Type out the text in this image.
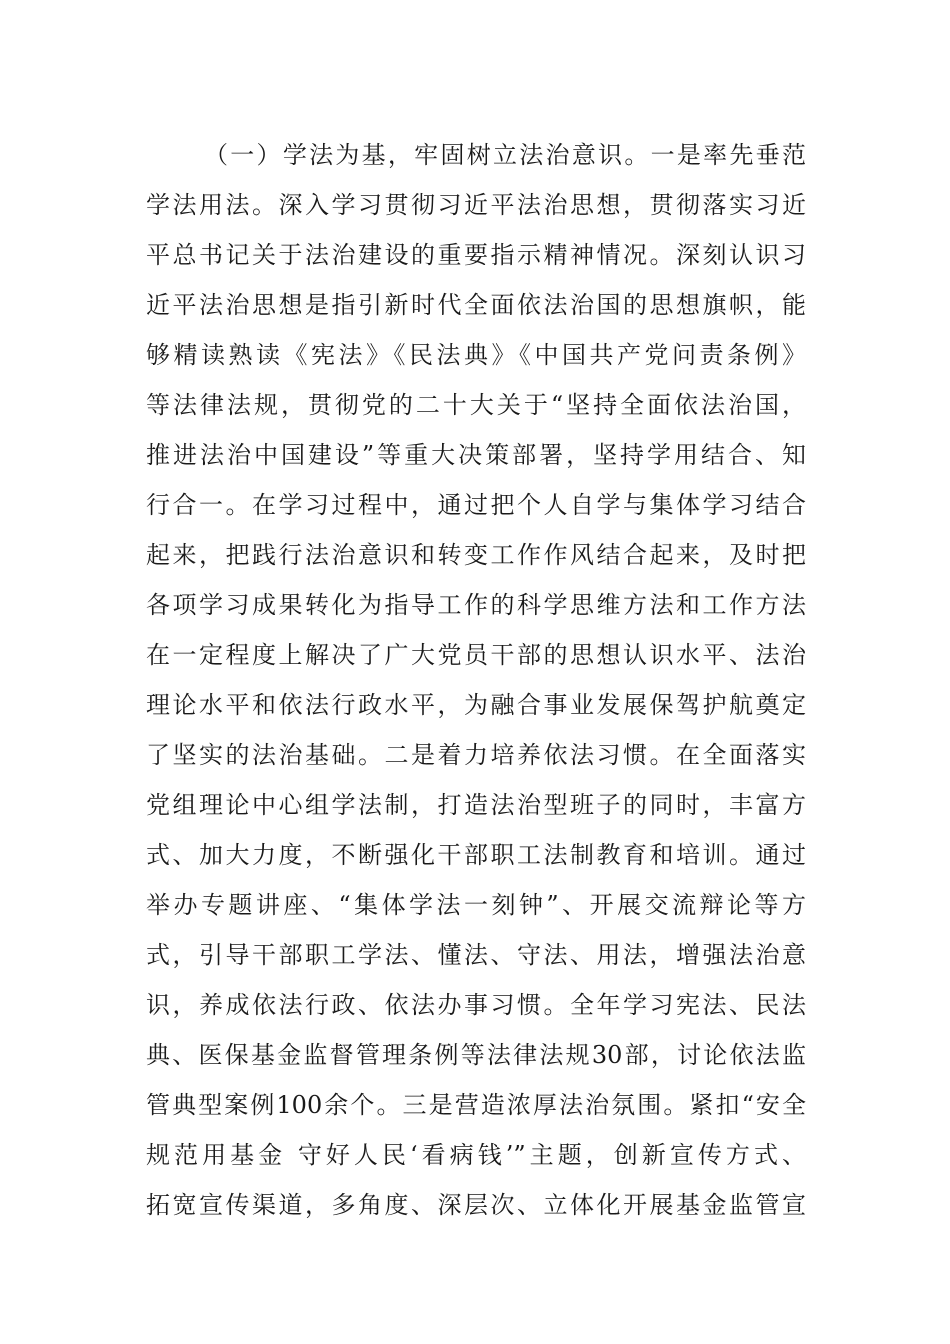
（一）学法为基，牢固树立法治意识。一是率先垂范
学法用法。深入学习贯彻习近平法治思想，贯彻落实习近
平总书记关于法治建设的重要指示精神情况。深刻认识习
近平法治思想是指引新时代全面依法治国的思想旗帜，能
够精读熟读《宪法》《民法典》《中国共产党问责条例》
等法律法规，贯彻党的二十大关于“坚持全面依法治国，
推进法治中国建设”等重大决策部署，坚持学用结合、知
行合一。在学习过程中，通过把个人自学与集体学习结合
起来，把践行法治意识和转变工作作风结合起来，及时把
各项学习成果转化为指导工作的科学思维方法和工作方法
在一定程度上解决了广大党员干部的思想认识水平、法治
理论水平和依法行政水平，为融合事业发展保驾护航奠定
了坚实的法治基础。二是着力培养依法习惯。在全面落实
党组理论中心组学法制，打造法治型班子的同时，丰富方
式、加大力度，不断强化干部职工法制教育和培训。通过
举办专题讲座、“集体学法一刻钟”、开展交流辩论等方
式，引导干部职工学法、懂法、守法、用法，增强法治意
识，养成依法行政、依法办事习惯。全年学习宪法、民法
典、医保基金监督管理条例等法律法规30部，讨论依法监
管典型案例100余个。三是营造浓厚法治氛围。紧扣“安全
规范用基金 守好人民‘看病钱’”主题，创新宣传方式、
拓宽宣传渠道，多角度、深层次、立体化开展基金监管宣
